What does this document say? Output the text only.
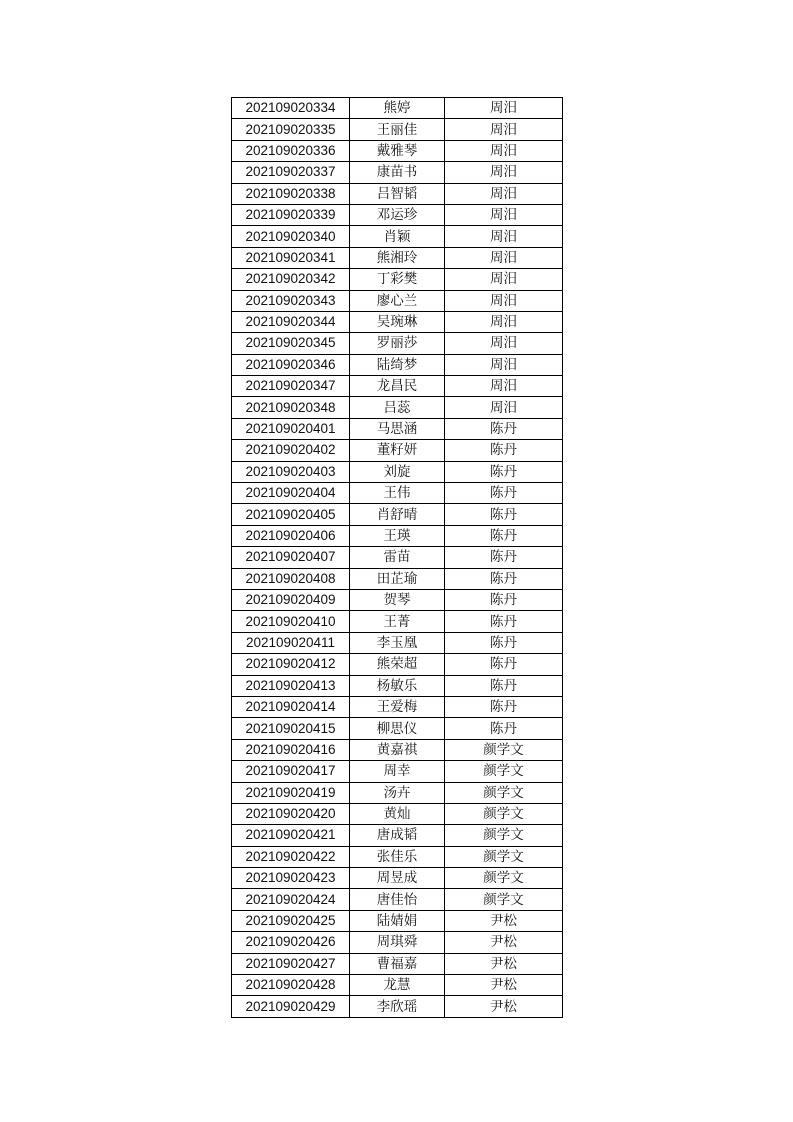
202109020334	熊婷	周汨
202109020335	王丽佳	周汨
202109020336	戴雅琴	周汨
202109020337	康苗书	周汨
202109020338	吕智韬	周汨
202109020339	邓运珍	周汨
202109020340	肖颖	周汨
202109020341	熊湘玲	周汨
202109020342	丁彩樊	周汨
202109020343	廖心兰	周汨
202109020344	吴琬琳	周汨
202109020345	罗丽莎	周汨
202109020346	陆绮梦	周汨
202109020347	龙昌民	周汨
202109020348	吕蕊	周汨
202109020401	马思涵	陈丹
202109020402	董籽妍	陈丹
202109020403	刘旋	陈丹
202109020404	王伟	陈丹
202109020405	肖舒晴	陈丹
202109020406	王瑛	陈丹
202109020407	雷苗	陈丹
202109020408	田芷瑜	陈丹
202109020409	贺琴	陈丹
202109020410	王菁	陈丹
202109020411	李玉凰	陈丹
202109020412	熊荣超	陈丹
202109020413	杨敏乐	陈丹
202109020414	王爱梅	陈丹
202109020415	柳思仪	陈丹
202109020416	黄嘉祺	颜学文
202109020417	周幸	颜学文
202109020419	汤卉	颜学文
202109020420	黄灿	颜学文
202109020421	唐成韬	颜学文
202109020422	张佳乐	颜学文
202109020423	周昱成	颜学文
202109020424	唐佳怡	颜学文
202109020425	陆婧娟	尹松
202109020426	周琪舜	尹松
202109020427	曹福嘉	尹松
202109020428	龙慧	尹松
202109020429	李欣瑶	尹松
